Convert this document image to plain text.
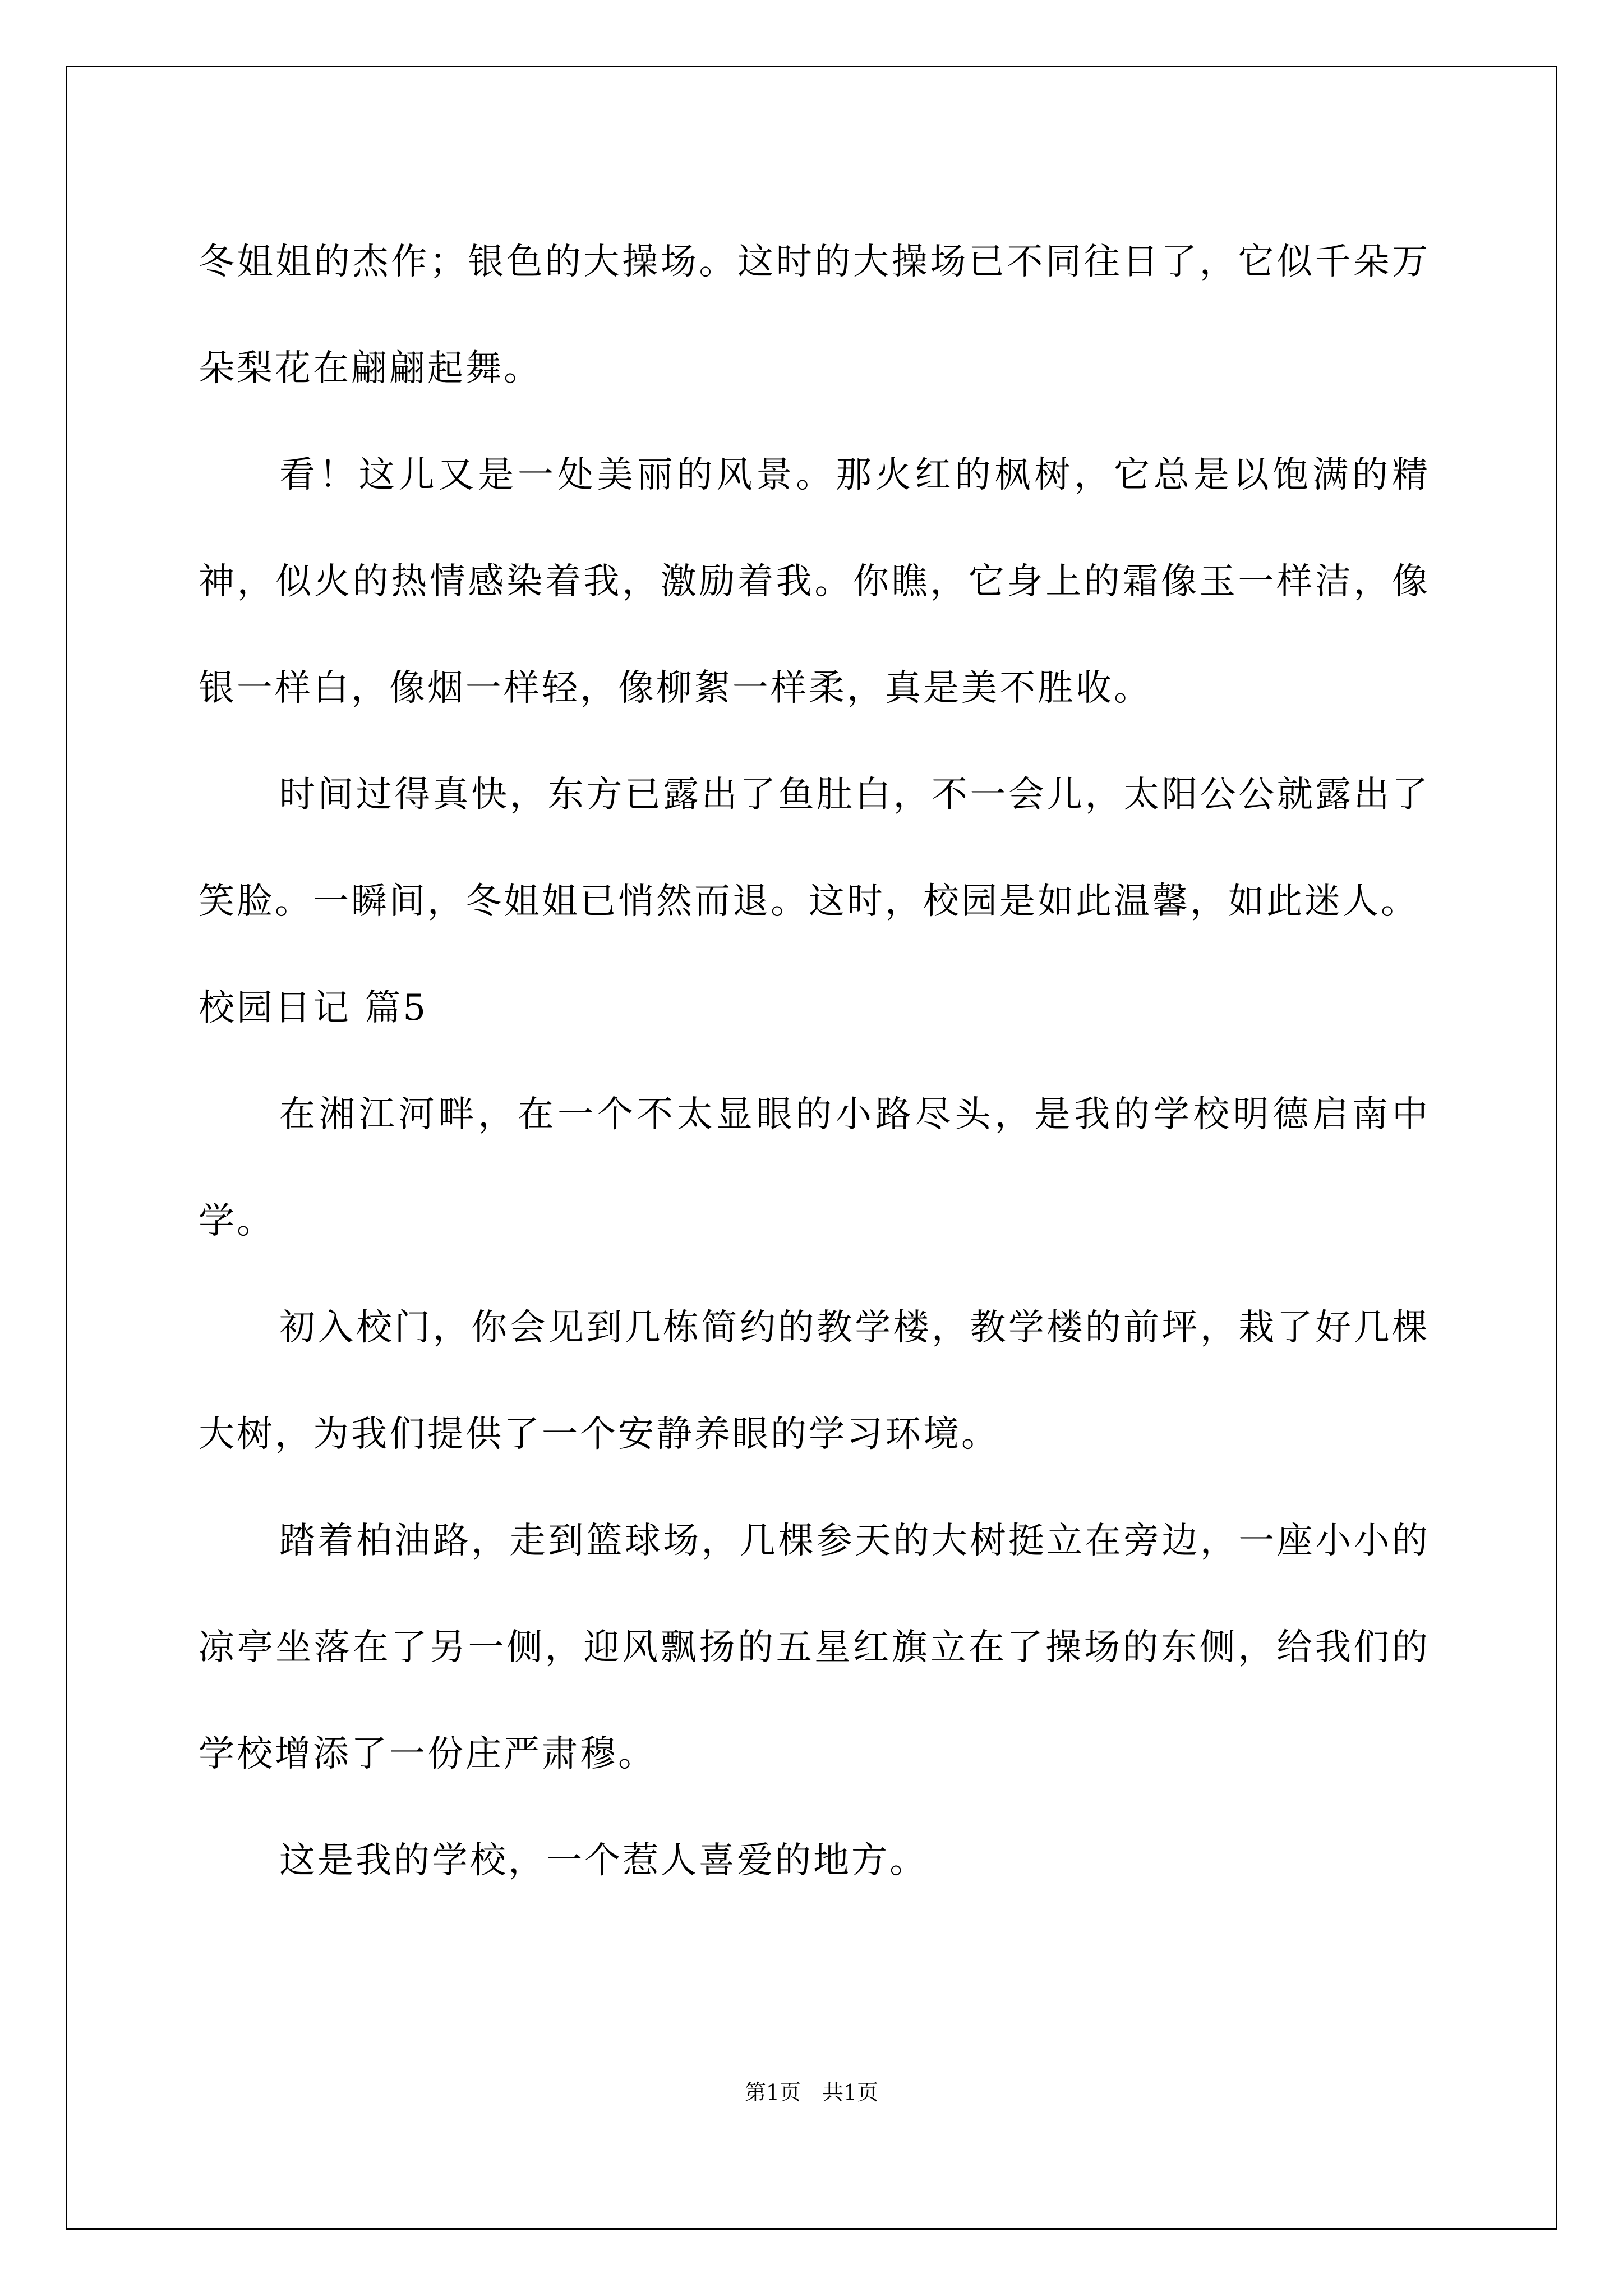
冬姐姐的杰作；银色的大操场。这时的大操场已不同往日了，它似千朵万朵梨花在翩翩起舞。

看！这儿又是一处美丽的风景。那火红的枫树，它总是以饱满的精神，似火的热情感染着我，激励着我。你瞧，它身上的霜像玉一样洁，像银一样白，像烟一样轻，像柳絮一样柔，真是美不胜收。

时间过得真快，东方已露出了鱼肚白，不一会儿，太阳公公就露出了笑脸。一瞬间，冬姐姐已悄然而退。这时，校园是如此温馨，如此迷人。

校园日记 篇5

在湘江河畔，在一个不太显眼的小路尽头，是我的学校明德启南中学。

初入校门，你会见到几栋简约的教学楼，教学楼的前坪，栽了好几棵大树，为我们提供了一个安静养眼的学习环境。

踏着柏油路，走到篮球场，几棵参天的大树挺立在旁边，一座小小的凉亭坐落在了另一侧，迎风飘扬的五星红旗立在了操场的东侧，给我们的学校增添了一份庄严肃穆。

这是我的学校，一个惹人喜爱的地方。

第1页　共1页
